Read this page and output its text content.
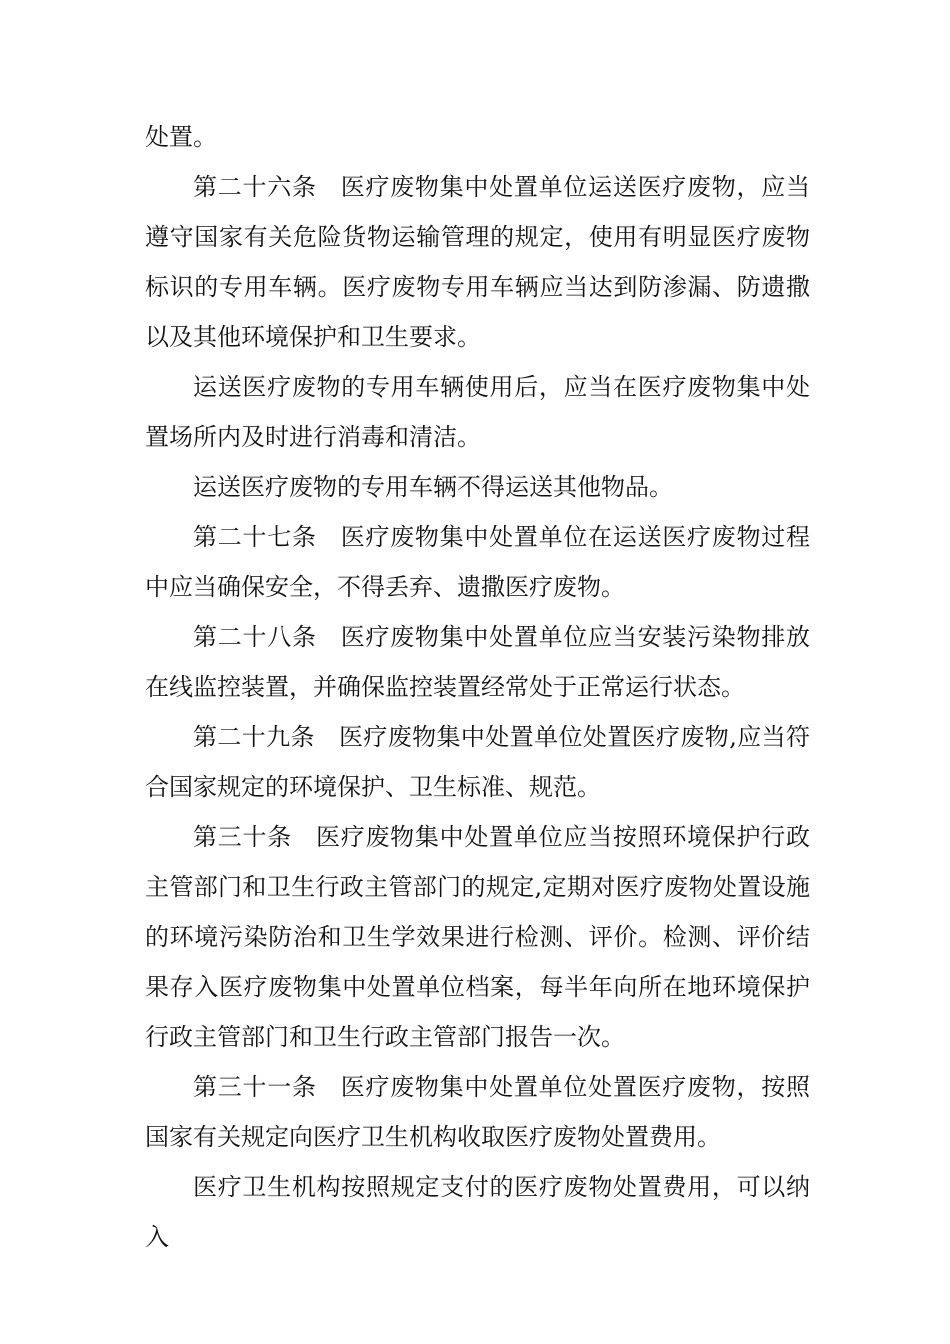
处置。

第二十六条 医疗废物集中处置单位运送医疗废物，应当遵守国家有关危险货物运输管理的规定，使用有明显医疗废物标识的专用车辆。医疗废物专用车辆应当达到防渗漏、防遗撒以及其他环境保护和卫生要求。

运送医疗废物的专用车辆使用后，应当在医疗废物集中处置场所内及时进行消毒和清洁。

运送医疗废物的专用车辆不得运送其他物品。

第二十七条 医疗废物集中处置单位在运送医疗废物过程中应当确保安全，不得丢弃、遗撒医疗废物。

第二十八条 医疗废物集中处置单位应当安装污染物排放在线监控装置，并确保监控装置经常处于正常运行状态。

第二十九条 医疗废物集中处置单位处置医疗废物,应当符合国家规定的环境保护、卫生标准、规范。

第三十条 医疗废物集中处置单位应当按照环境保护行政主管部门和卫生行政主管部门的规定,定期对医疗废物处置设施的环境污染防治和卫生学效果进行检测、评价。检测、评价结果存入医疗废物集中处置单位档案，每半年向所在地环境保护行政主管部门和卫生行政主管部门报告一次。

第三十一条 医疗废物集中处置单位处置医疗废物，按照国家有关规定向医疗卫生机构收取医疗废物处置费用。

医疗卫生机构按照规定支付的医疗废物处置费用，可以纳入
